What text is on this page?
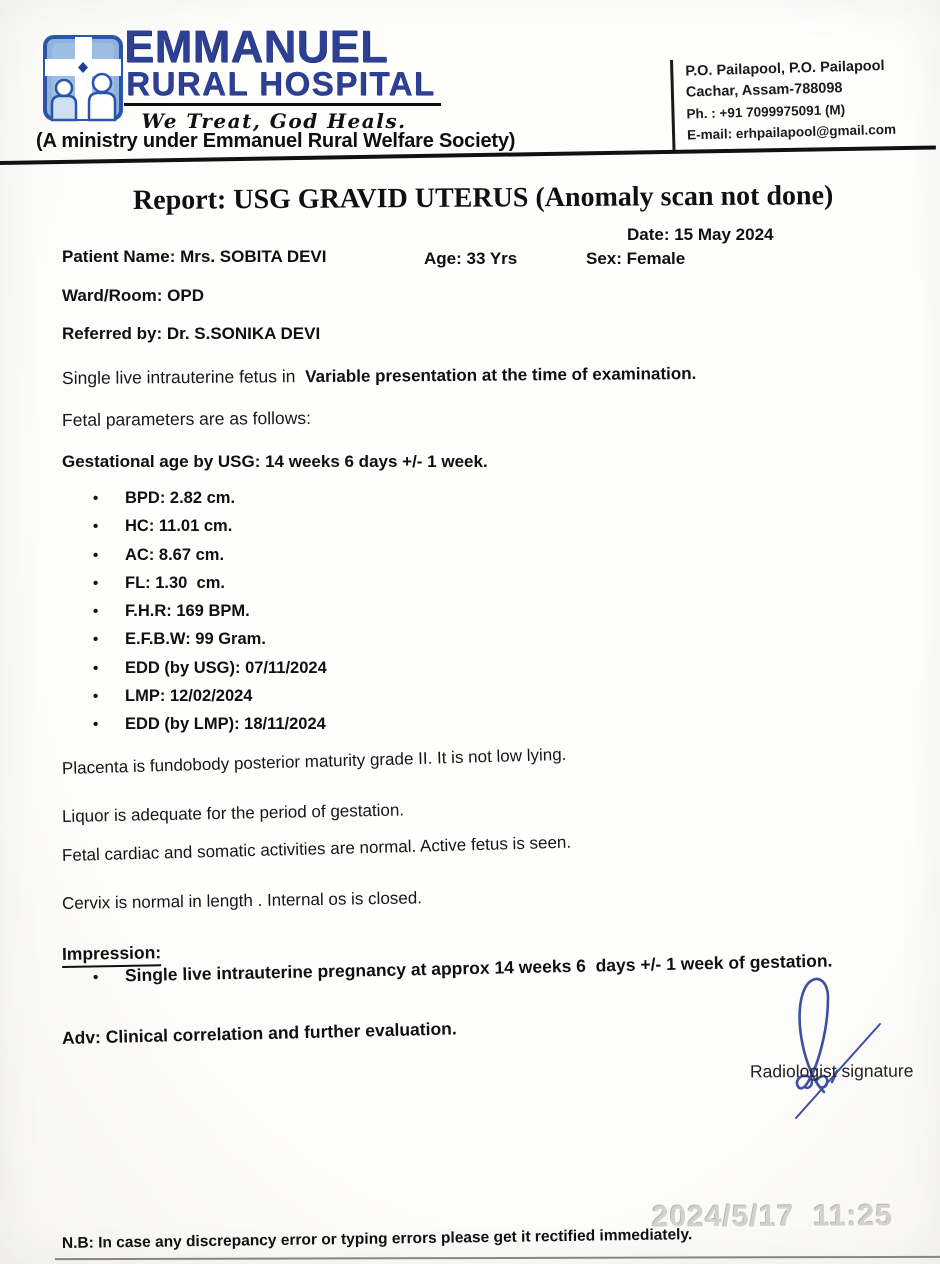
EMMANUEL
RURAL HOSPITAL
We Treat, God Heals.
(A ministry under Emmanuel Rural Welfare Society)
P.O. Pailapool, P.O. Pailapool
Cachar, Assam-788098
Ph. : +91 7099975091 (M)
E-mail: erhpailapool@gmail.com
Report: USG GRAVID UTERUS (Anomaly scan not done)
Date: 15 May 2024
Patient Name: Mrs. SOBITA DEVI	Age: 33 Yrs	Sex: Female
Ward/Room: OPD
Referred by: Dr. S.SONIKA DEVI
Single live intrauterine fetus in  Variable presentation at the time of examination.
Fetal parameters are as follows:
Gestational age by USG: 14 weeks 6 days +/- 1 week.
•	BPD: 2.82 cm.
•	HC: 11.01 cm.
•	AC: 8.67 cm.
•	FL: 1.30  cm.
•	F.H.R: 169 BPM.
•	E.F.B.W: 99 Gram.
•	EDD (by USG): 07/11/2024
•	LMP: 12/02/2024
•	EDD (by LMP): 18/11/2024
Placenta is fundobody posterior maturity grade II. It is not low lying.
Liquor is adequate for the period of gestation.
Fetal cardiac and somatic activities are normal. Active fetus is seen.
Cervix is normal in length . Internal os is closed.
Impression:
•	Single live intrauterine pregnancy at approx 14 weeks 6  days +/- 1 week of gestation.
Adv: Clinical correlation and further evaluation.
Radiologist signature
2024/5/17  11:25
N.B: In case any discrepancy error or typing errors please get it rectified immediately.
